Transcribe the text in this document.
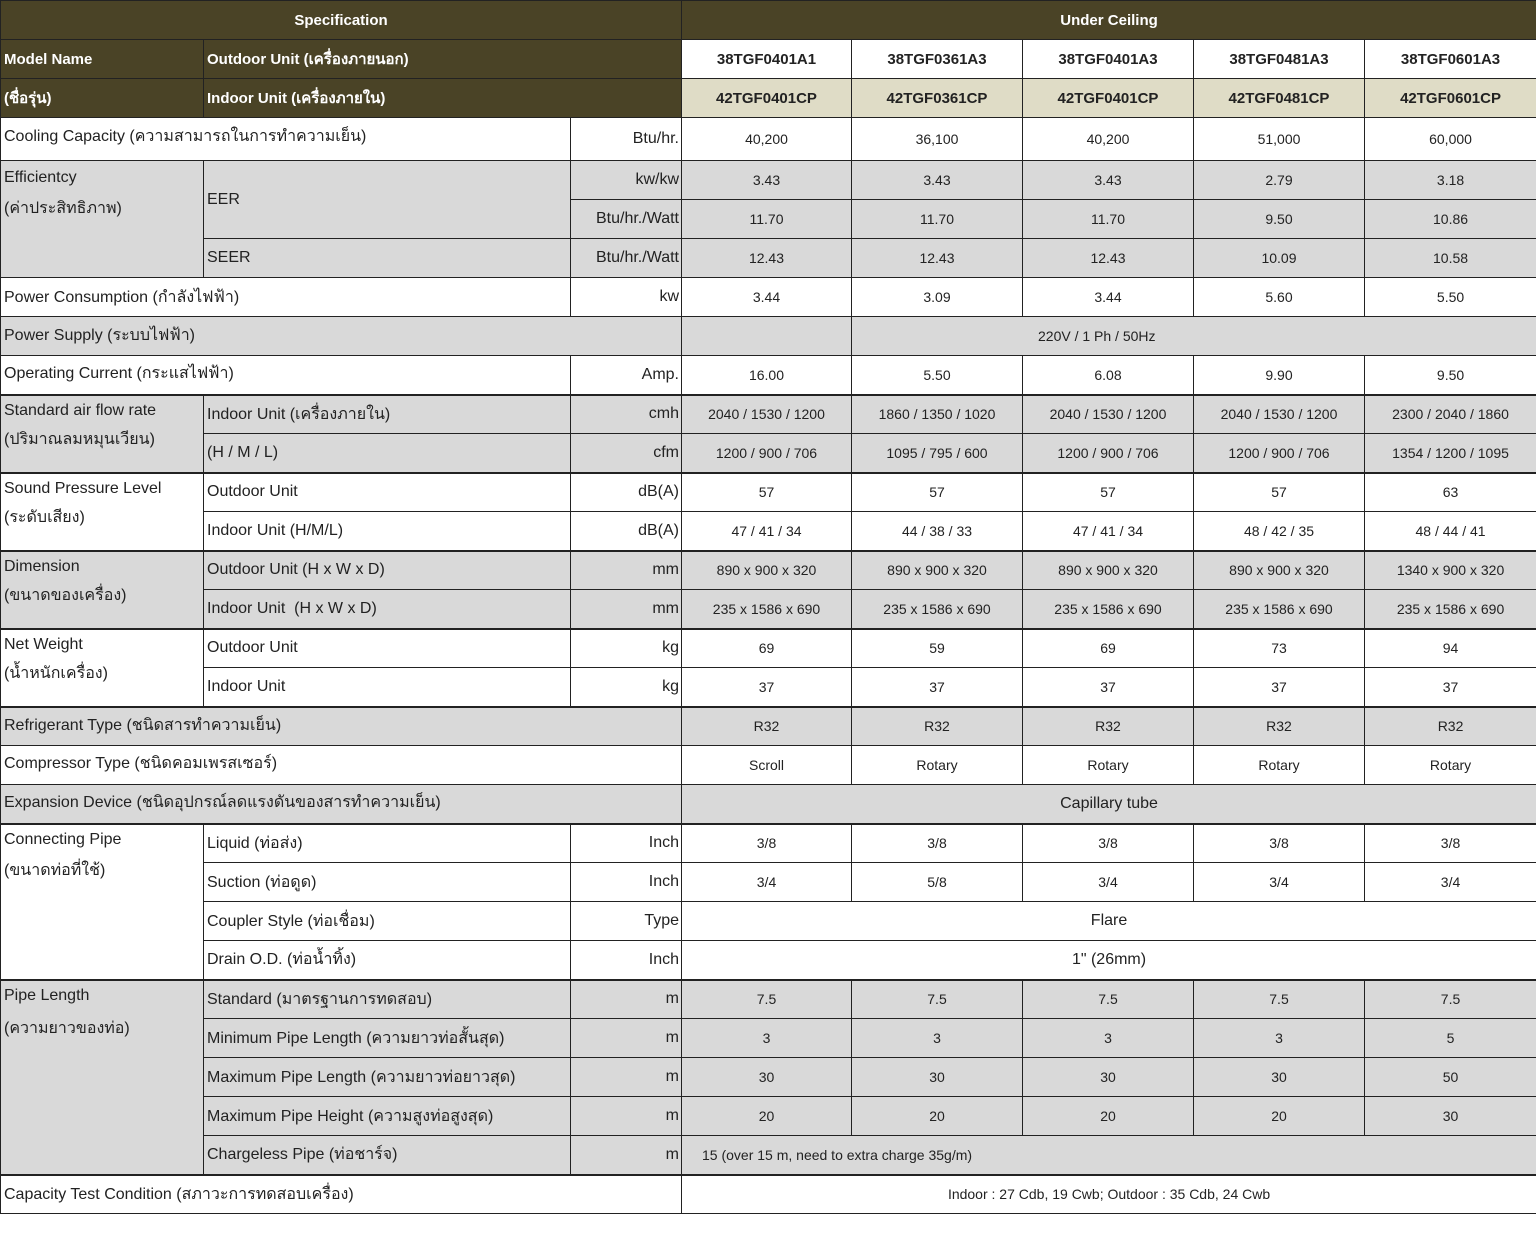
Specification			Under Ceiling				
Model Name	Outdoor Unit (เครื่องภายนอก)		38TGF0401A1	38TGF0361A3	38TGF0401A3	38TGF0481A3	38TGF0601A3
(ชื่อรุ่น)	Indoor Unit (เครื่องภายใน)		42TGF0401CP	42TGF0361CP	42TGF0401CP	42TGF0481CP	42TGF0601CP
Cooling Capacity (ความสามารถในการทำความเย็น)		Btu/hr.	40,200	36,100	40,200	51,000	60,000

Efficientcy
(ค่าประสิทธิภาพ)	EER	kw/kw	3.43	3.43	3.43	2.79	3.18
		Btu/hr./Watt	11.70	11.70	11.70	9.50	10.86
	SEER	Btu/hr./Watt	12.43	12.43	12.43	10.09	10.58
Power Consumption (กำลังไฟฟ้า)		kw	3.44	3.09	3.44	5.60	5.50
Power Supply (ระบบไฟฟ้า)				220V / 1 Ph / 50Hz			
Operating Current (กระแสไฟฟ้า)		Amp.	16.00	5.50	6.08	9.90	9.50

Standard air flow rate
(ปริมาณลมหมุนเวียน)	Indoor Unit (เครื่องภายใน)	cmh	2040 / 1530 / 1200	1860 / 1350 / 1020	2040 / 1530 / 1200	2040 / 1530 / 1200	2300 / 2040 / 1860
	(H / M / L)	cfm	1200 / 900 / 706	1095 / 795 / 600	1200 / 900 / 706	1200 / 900 / 706	1354 / 1200 / 1095

Sound Pressure Level
(ระดับเสียง)	Outdoor Unit	dB(A)	57	57	57	57	63
	Indoor Unit (H/M/L)	dB(A)	47 / 41 / 34	44 / 38 / 33	47 / 41 / 34	48 / 42 / 35	48 / 44 / 41

Dimension
(ขนาดของเครื่อง)	Outdoor Unit (H x W x D)	mm	890 x 900 x 320	890 x 900 x 320	890 x 900 x 320	890 x 900 x 320	1340 x 900 x 320
	Indoor Unit  (H x W x D)	mm	235 x 1586 x 690	235 x 1586 x 690	235 x 1586 x 690	235 x 1586 x 690	235 x 1586 x 690

Net Weight
(น้ำหนักเครื่อง)	Outdoor Unit	kg	69	59	69	73	94
	Indoor Unit	kg	37	37	37	37	37
Refrigerant Type (ชนิดสารทำความเย็น)			R32	R32	R32	R32	R32
Compressor Type (ชนิดคอมเพรสเซอร์)			Scroll	Rotary	Rotary	Rotary	Rotary
Expansion Device (ชนิดอุปกรณ์ลดแรงดันของสารทำความเย็น)			Capillary tube				

Connecting Pipe
(ขนาดท่อที่ใช้)	Liquid (ท่อส่ง)	Inch	3/8	3/8	3/8	3/8	3/8
	Suction (ท่อดูด)	Inch	3/4	5/8	3/4	3/4	3/4
	Coupler Style (ท่อเชื่อม)	Type	Flare				
	Drain O.D. (ท่อน้ำทิ้ง)	Inch	1" (26mm)				

Pipe Length
(ความยาวของท่อ)	Standard (มาตรฐานการทดสอบ)	m	7.5	7.5	7.5	7.5	7.5
	Minimum Pipe Length (ความยาวท่อสั้นสุด)	m	3	3	3	3	5
	Maximum Pipe Length (ความยาวท่อยาวสุด)	m	30	30	30	30	50
	Maximum Pipe Height (ความสูงท่อสูงสุด)	m	20	20	20	20	30
	Chargeless Pipe (ท่อชาร์จ)	m	15 (over 15 m, need to extra charge 35g/m)				
Capacity Test Condition (สภาวะการทดสอบเครื่อง)			Indoor : 27 Cdb, 19 Cwb; Outdoor : 35 Cdb, 24 Cwb				
